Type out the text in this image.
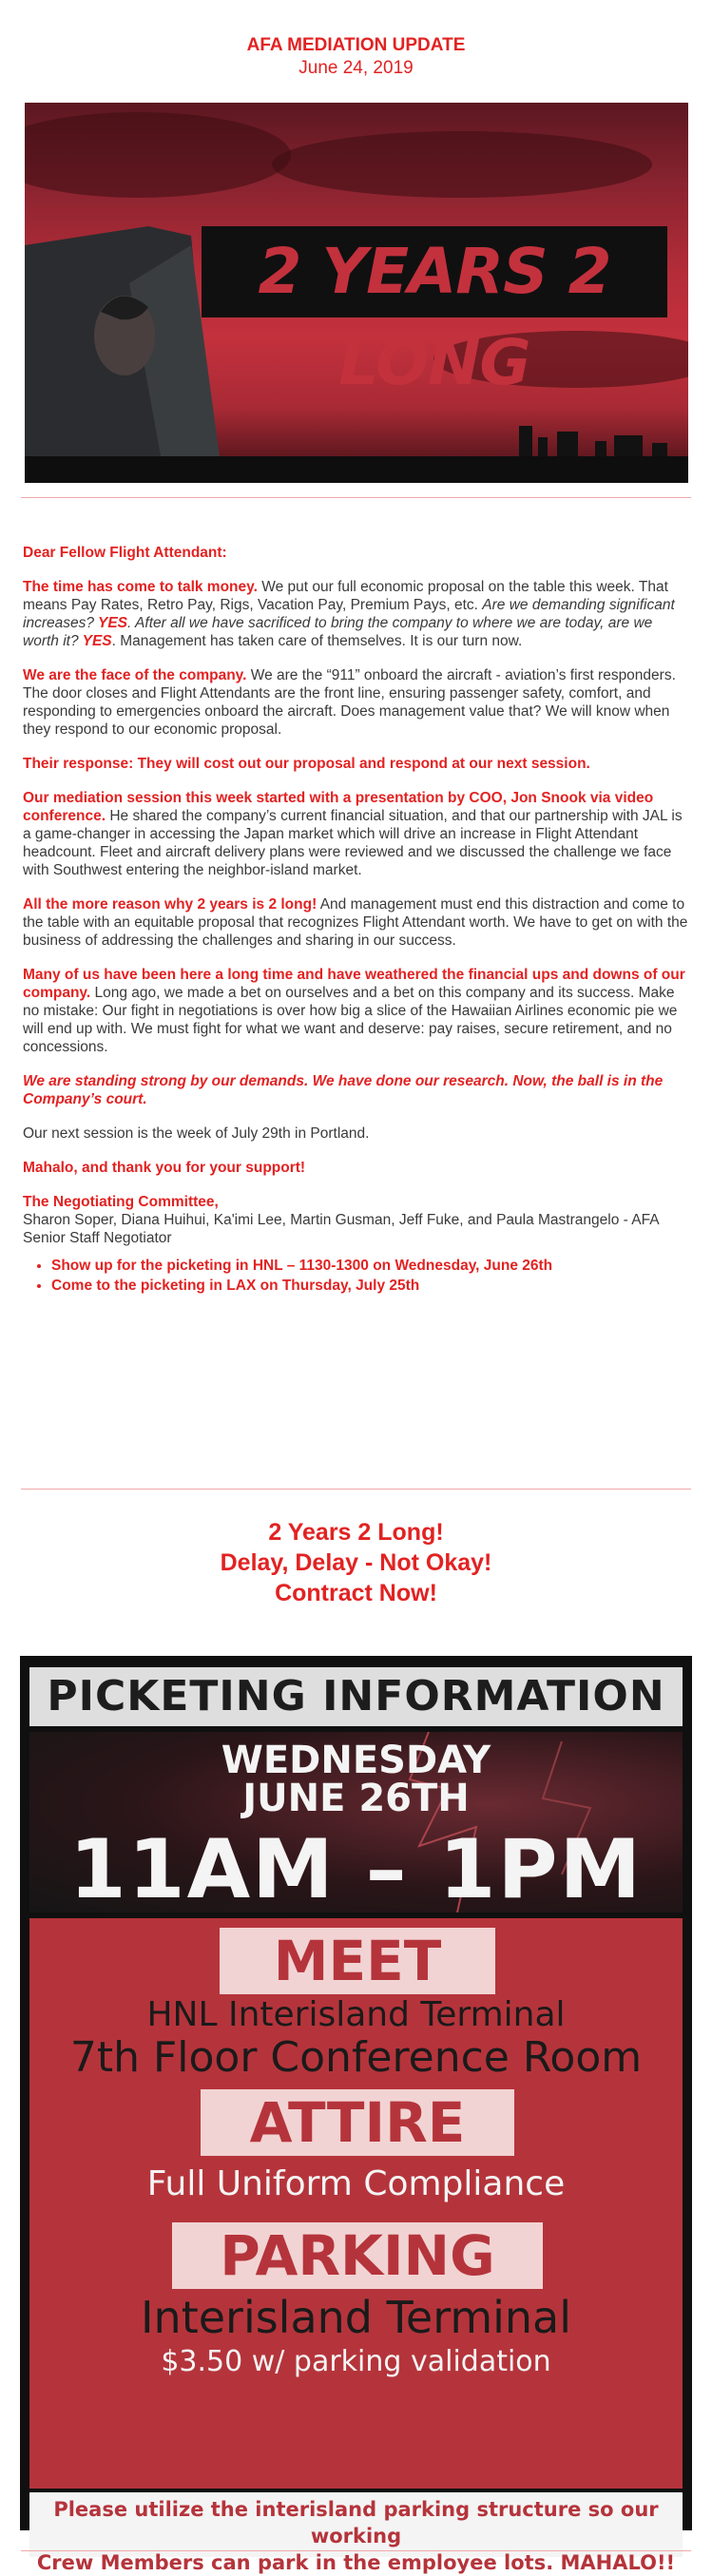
AFA MEDIATION UPDATE
June 24, 2019
2 YEARS 2 LONG

Dear Fellow Flight Attendant:

The time has come to talk money. We put our full economic proposal on the table this week. That means Pay Rates, Retro Pay, Rigs, Vacation Pay, Premium Pays, etc. Are we demanding significant increases? YES. After all we have sacrificed to bring the company to where we are today, are we worth it? YES. Management has taken care of themselves. It is our turn now.

We are the face of the company. We are the “911” onboard the aircraft - aviation’s first responders. The door closes and Flight Attendants are the front line, ensuring passenger safety, comfort, and responding to emergencies onboard the aircraft. Does management value that? We will know when they respond to our economic proposal.

Their response: They will cost out our proposal and respond at our next session.

Our mediation session this week started with a presentation by COO, Jon Snook via video conference. He shared the company’s current financial situation, and that our partnership with JAL is a game-changer in accessing the Japan market which will drive an increase in Flight Attendant headcount. Fleet and aircraft delivery plans were reviewed and we discussed the challenge we face with Southwest entering the neighbor-island market.

All the more reason why 2 years is 2 long! And management must end this distraction and come to the table with an equitable proposal that recognizes Flight Attendant worth. We have to get on with the business of addressing the challenges and sharing in our success.

Many of us have been here a long time and have weathered the financial ups and downs of our company. Long ago, we made a bet on ourselves and a bet on this company and its success. Make no mistake: Our fight in negotiations is over how big a slice of the Hawaiian Airlines economic pie we will end up with. We must fight for what we want and deserve: pay raises, secure retirement, and no concessions.

We are standing strong by our demands. We have done our research. Now, the ball is in the Company’s court.

Our next session is the week of July 29th in Portland.

Mahalo, and thank you for your support!

The Negotiating Committee,
Sharon Soper, Diana Huihui, Ka'imi Lee, Martin Gusman, Jeff Fuke, and Paula Mastrangelo - AFA Senior Staff Negotiator

• Show up for the picketing in HNL – 1130-1300 on Wednesday, June 26th
• Come to the picketing in LAX on Thursday, July 25th
2 Years 2 Long!
Delay, Delay - Not Okay!
Contract Now!
PICKETING INFORMATION
WEDNESDAY
JUNE 26TH
11AM – 1PM
MEET
HNL Interisland Terminal
7th Floor Conference Room
ATTIRE
Full Uniform Compliance
PARKING
Interisland Terminal
$3.50 w/ parking validation
Please utilize the interisland parking structure so our working
Crew Members can park in the employee lots. MAHALO!!
